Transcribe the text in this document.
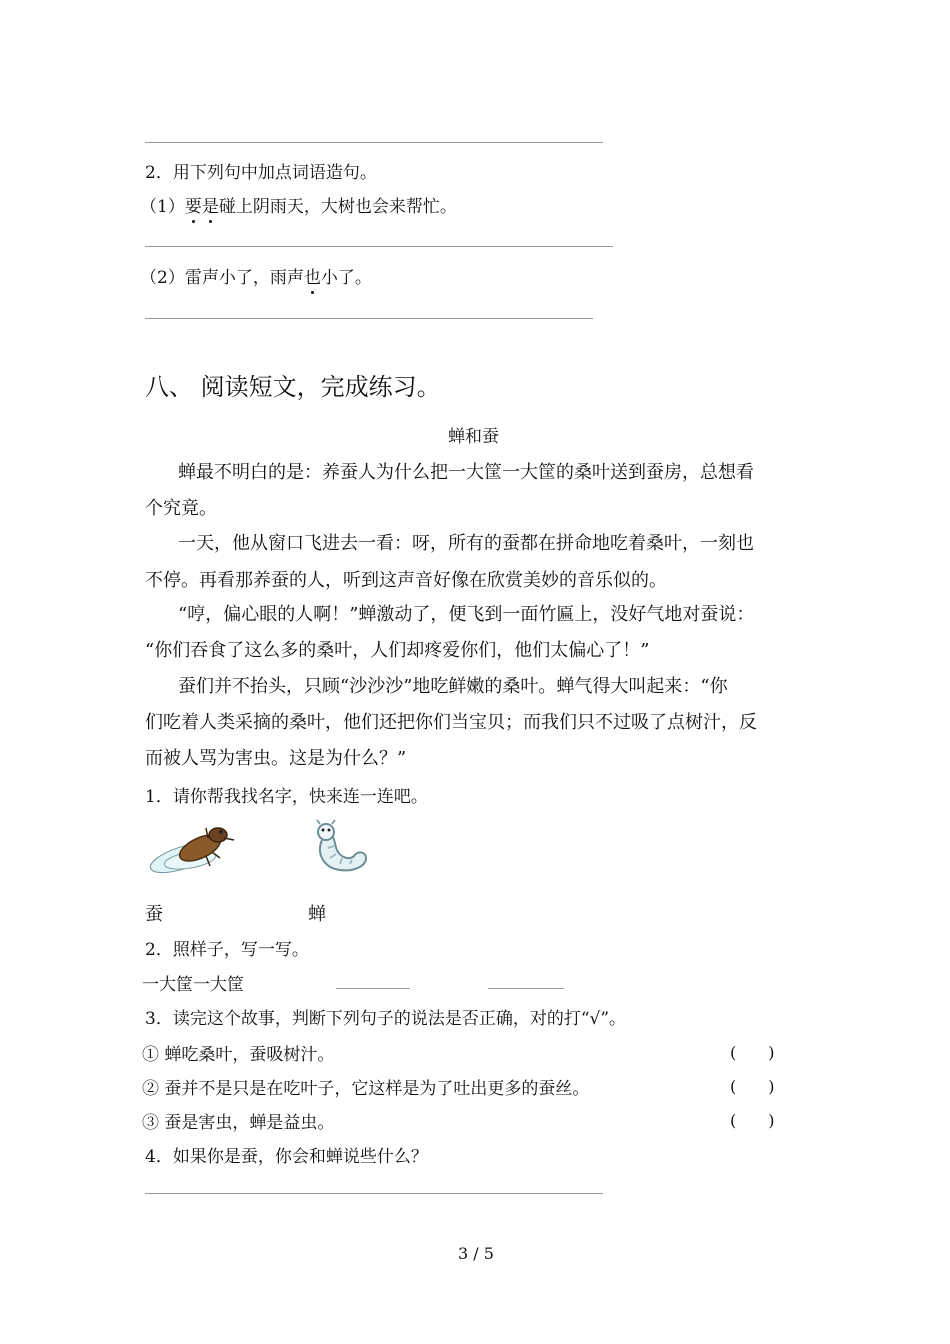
2．用下列句中加点词语造句。
（1）要是碰上阴雨天，大树也会来帮忙。
（2）雷声小了，雨声也小了。
八、 阅读短文，完成练习。
蝉和蚕
蝉最不明白的是：养蚕人为什么把一大筐一大筐的桑叶送到蚕房，总想看
个究竟。
一天，他从窗口飞进去一看：呀，所有的蚕都在拼命地吃着桑叶，一刻也
不停。再看那养蚕的人，听到这声音好像在欣赏美妙的音乐似的。
“哼，偏心眼的人啊！”蝉激动了，便飞到一面竹匾上，没好气地对蚕说：
“你们吞食了这么多的桑叶，人们却疼爱你们，他们太偏心了！”
蚕们并不抬头，只顾“沙沙沙”地吃鲜嫩的桑叶。蝉气得大叫起来：“你
们吃着人类采摘的桑叶，他们还把你们当宝贝；而我们只不过吸了点树汁，反
而被人骂为害虫。这是为什么？”
1．请你帮我找名字，快来连一连吧。
蚕	蝉
2．照样子，写一写。
一大筐一大筐
3．读完这个故事，判断下列句子的说法是否正确，对的打“√”。
① 蝉吃桑叶，蚕吸树汁。	(　　)
② 蚕并不是只是在吃叶子，它这样是为了吐出更多的蚕丝。	(　　)
③ 蚕是害虫，蝉是益虫。	(　　)
4．如果你是蚕，你会和蝉说些什么？
3 / 5
